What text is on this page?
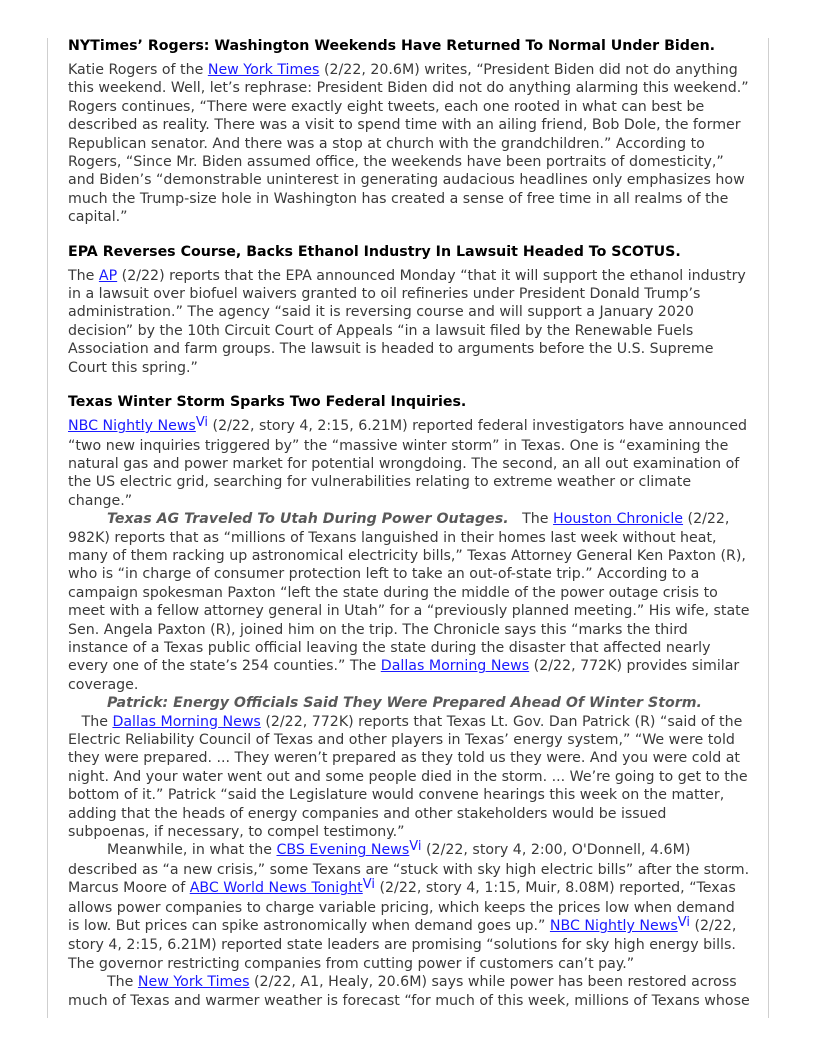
NYTimes’ Rogers: Washington Weekends Have Returned To Normal Under Biden.

Katie Rogers of the New York Times (2/22, 20.6M) writes, “President Biden did not do anything this weekend. Well, let’s rephrase: President Biden did not do anything alarming this weekend.” Rogers continues, “There were exactly eight tweets, each one rooted in what can best be described as reality. There was a visit to spend time with an ailing friend, Bob Dole, the former Republican senator. And there was a stop at church with the grandchildren.” According to Rogers, “Since Mr. Biden assumed office, the weekends have been portraits of domesticity,” and Biden’s “demonstrable uninterest in generating audacious headlines only emphasizes how much the Trump-size hole in Washington has created a sense of free time in all realms of the capital.”

EPA Reverses Course, Backs Ethanol Industry In Lawsuit Headed To SCOTUS.

The AP (2/22) reports that the EPA announced Monday “that it will support the ethanol industry in a lawsuit over biofuel waivers granted to oil refineries under President Donald Trump’s administration.” The agency “said it is reversing course and will support a January 2020 decision” by the 10th Circuit Court of Appeals “in a lawsuit filed by the Renewable Fuels Association and farm groups. The lawsuit is headed to arguments before the U.S. Supreme Court this spring.”

Texas Winter Storm Sparks Two Federal Inquiries.

NBC Nightly NewsVi (2/22, story 4, 2:15, 6.21M) reported federal investigators have announced “two new inquiries triggered by” the “massive winter storm” in Texas. One is “examining the natural gas and power market for potential wrongdoing. The second, an all out examination of the US electric grid, searching for vulnerabilities relating to extreme weather or climate change.”

Texas AG Traveled To Utah During Power Outages.   The Houston Chronicle (2/22, 982K) reports that as “millions of Texans languished in their homes last week without heat, many of them racking up astronomical electricity bills,” Texas Attorney General Ken Paxton (R), who is “in charge of consumer protection left to take an out-of-state trip.” According to a campaign spokesman Paxton “left the state during the middle of the power outage crisis to meet with a fellow attorney general in Utah” for a “previously planned meeting.” His wife, state Sen. Angela Paxton (R), joined him on the trip. The Chronicle says this “marks the third instance of a Texas public official leaving the state during the disaster that affected nearly every one of the state’s 254 counties.” The Dallas Morning News (2/22, 772K) provides similar coverage.

Patrick: Energy Officials Said They Were Prepared Ahead Of Winter Storm.   The Dallas Morning News (2/22, 772K) reports that Texas Lt. Gov. Dan Patrick (R) “said of the Electric Reliability Council of Texas and other players in Texas’ energy system,” “We were told they were prepared. ... They weren’t prepared as they told us they were. And you were cold at night. And your water went out and some people died in the storm. ... We’re going to get to the bottom of it.” Patrick “said the Legislature would convene hearings this week on the matter, adding that the heads of energy companies and other stakeholders would be issued subpoenas, if necessary, to compel testimony.”

Meanwhile, in what the CBS Evening NewsVi (2/22, story 4, 2:00, O'Donnell, 4.6M) described as “a new crisis,” some Texans are “stuck with sky high electric bills” after the storm. Marcus Moore of ABC World News TonightVi (2/22, story 4, 1:15, Muir, 8.08M) reported, “Texas allows power companies to charge variable pricing, which keeps the prices low when demand is low. But prices can spike astronomically when demand goes up.” NBC Nightly NewsVi (2/22, story 4, 2:15, 6.21M) reported state leaders are promising “solutions for sky high energy bills. The governor restricting companies from cutting power if customers can’t pay.”

The New York Times (2/22, A1, Healy, 20.6M) says while power has been restored across much of Texas and warmer weather is forecast “for much of this week, millions of Texans whose
